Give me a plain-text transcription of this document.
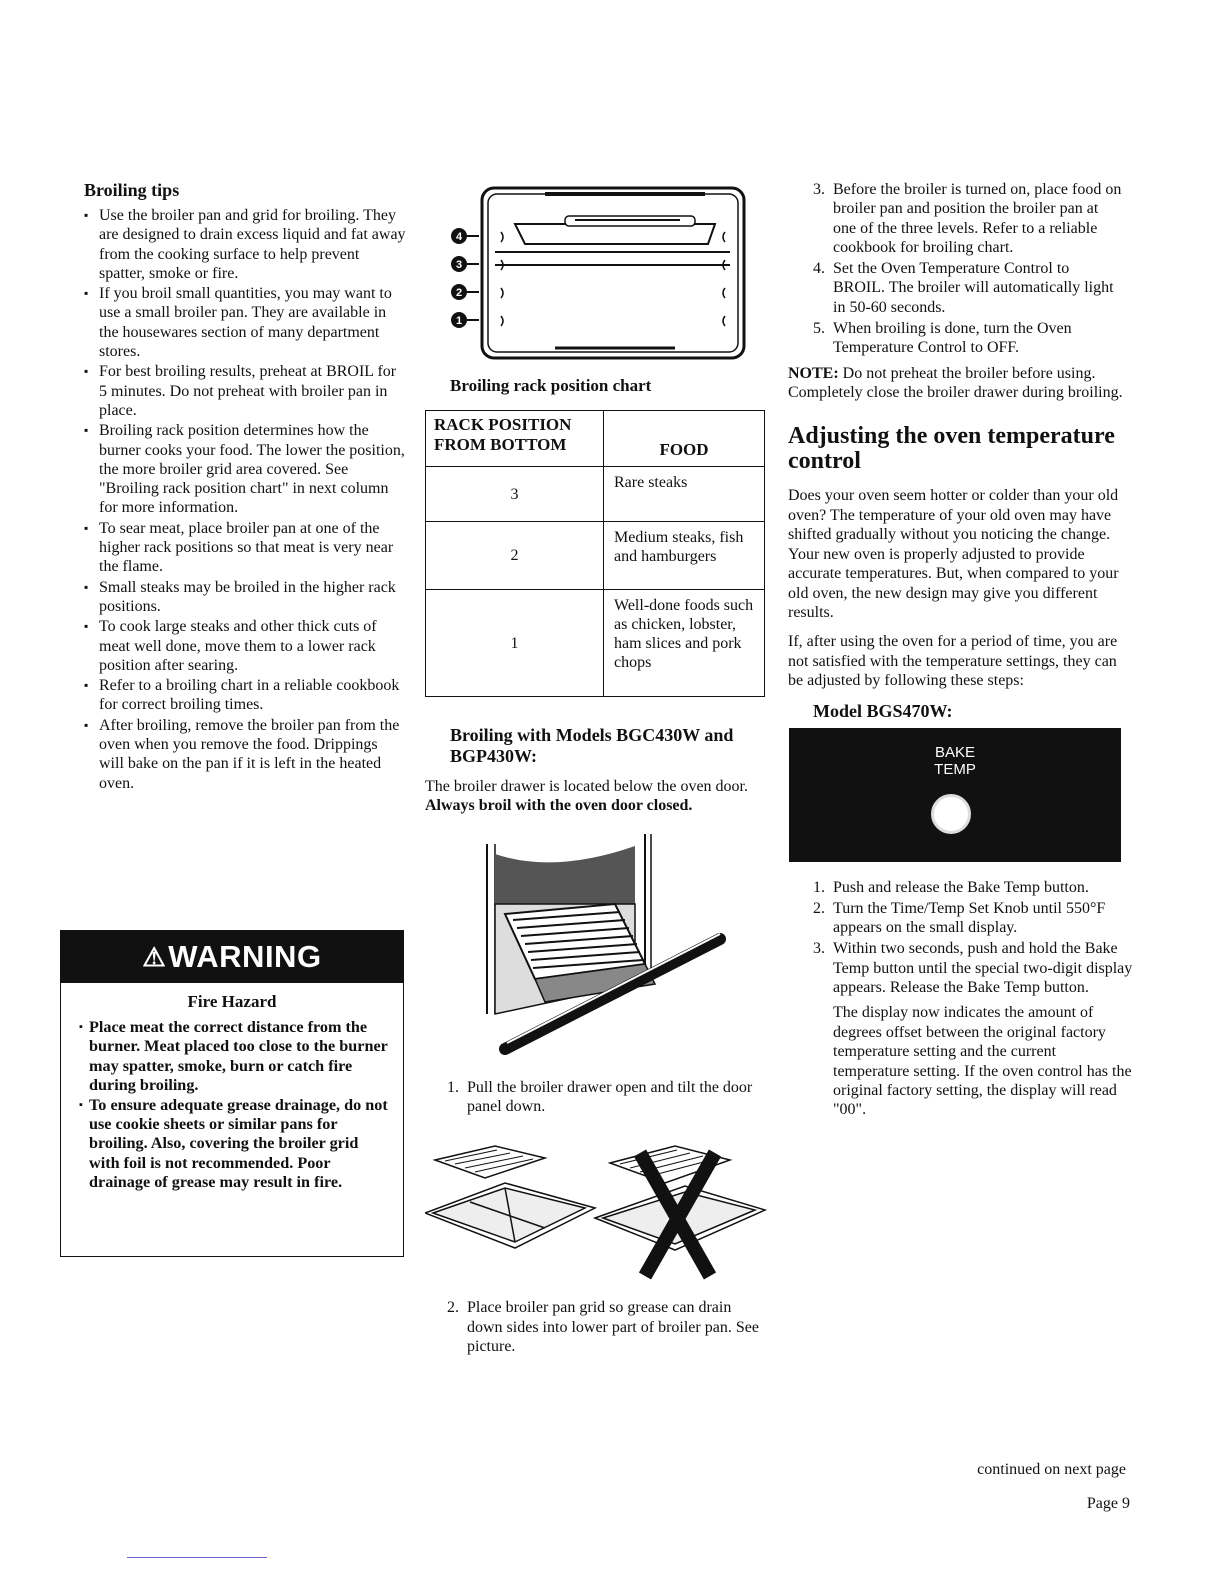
Broiling tips
▪ Use the broiler pan and grid for broiling. They are designed to drain excess liquid and fat away from the cooking surface to help prevent spatter, smoke or fire.
▪ If you broil small quantities, you may want to use a small broiler pan. They are available in the housewares section of many department stores.
▪ For best broiling results, preheat at BROIL for 5 minutes. Do not preheat with broiler pan in place.
▪ Broiling rack position determines how the burner cooks your food. The lower the position, the more broiler grid area covered. See "Broiling rack position chart" in next column for more information.
▪ To sear meat, place broiler pan at one of the higher rack positions so that meat is very near the flame.
▪ Small steaks may be broiled in the higher rack positions.
▪ To cook large steaks and other thick cuts of meat well done, move them to a lower rack position after searing.
▪ Refer to a broiling chart in a reliable cookbook for correct broiling times.
▪ After broiling, remove the broiler pan from the oven when you remove the food. Drippings will bake on the pan if it is left in the heated oven.
⚠WARNING
Fire Hazard
▪ Place meat the correct distance from the burner. Meat placed too close to the burner may spatter, smoke, burn or catch fire during broiling.
▪ To ensure adequate grease drainage, do not use cookie sheets or similar pans for broiling. Also, covering the broiler grid with foil is not recommended. Poor drainage of grease may result in fire.
4
3
2
1
Broiling rack position chart
RACK POSITION FROM BOTTOM	FOOD
3	Rare steaks
2	Medium steaks, fish and hamburgers
1	Well-done foods such as chicken, lobster, ham slices and pork chops
Broiling with Models BGC430W and BGP430W:

The broiler drawer is located below the oven door. Always broil with the oven door closed.

1. Pull the broiler drawer open and tilt the door panel down.
2. Place broiler pan grid so grease can drain down sides into lower part of broiler pan. See picture.
3. Before the broiler is turned on, place food on broiler pan and position the broiler pan at one of the three levels. Refer to a reliable cookbook for broiling chart.
4. Set the Oven Temperature Control to BROIL. The broiler will automatically light in 50-60 seconds.
5. When broiling is done, turn the Oven Temperature Control to OFF.

NOTE: Do not preheat the broiler before using. Completely close the broiler drawer during broiling.

Adjusting the oven temperature control

Does your oven seem hotter or colder than your old oven? The temperature of your old oven may have shifted gradually without you noticing the change. Your new oven is properly adjusted to provide accurate temperatures. But, when compared to your old oven, the new design may give you different results.

If, after using the oven for a period of time, you are not satisfied with the temperature settings, they can be adjusted by following these steps:

Model BGS470W:
BAKE
TEMP
1. Push and release the Bake Temp button.
2. Turn the Time/Temp Set Knob until 550°F appears on the small display.
3. Within two seconds, push and hold the Bake Temp button until the special two-digit display appears. Release the Bake Temp button.

The display now indicates the amount of degrees offset between the original factory temperature setting and the current temperature setting. If the oven control has the original factory setting, the display will read "00".

continued on next page
Page 9
